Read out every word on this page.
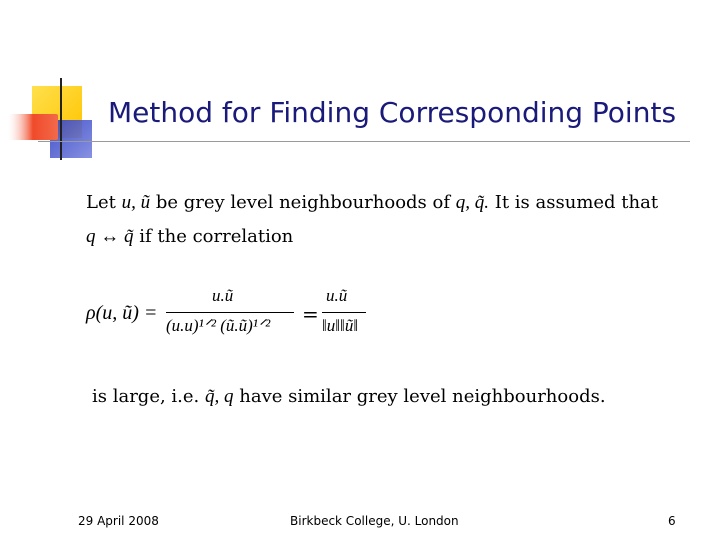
Method for Finding Corresponding Points
Let u, ũ be grey level neighbourhoods of q, q̃. It is assumed that
q ↔ q̃ if the correlation
ρ(u, ũ) =
u.ũ
(u.u)¹ᐟ² (ũ.ũ)¹ᐟ² =
u.ũ
‖u‖‖ũ‖
is large, i.e. q̃, q have similar grey level neighbourhoods.
29 April 2008	Birkbeck College, U. London	6
